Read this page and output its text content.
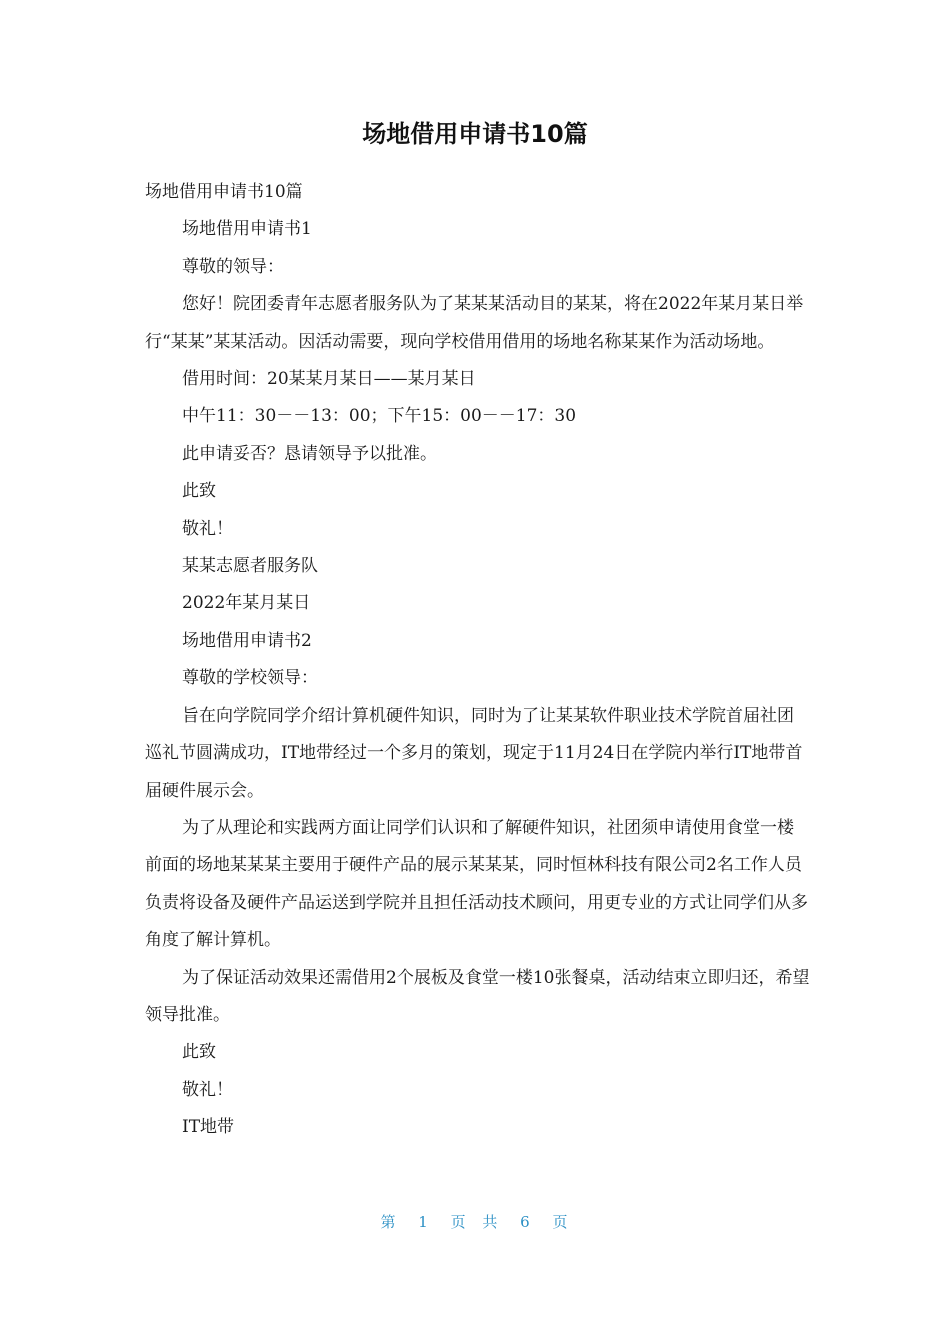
场地借用申请书10篇

场地借用申请书10篇

场地借用申请书1

尊敬的领导：

您好！院团委青年志愿者服务队为了某某某活动目的某某，将在2022年某月某日举行“某某”某某活动。因活动需要，现向学校借用借用的场地名称某某作为活动场地。

借用时间：20某某月某日——某月某日

中午11：30－－13：00；下午15：00－－17：30

此申请妥否？恳请领导予以批准。

此致

敬礼！

某某志愿者服务队

2022年某月某日

场地借用申请书2

尊敬的学校领导：

旨在向学院同学介绍计算机硬件知识，同时为了让某某软件职业技术学院首届社团巡礼节圆满成功，IT地带经过一个多月的策划，现定于11月24日在学院内举行IT地带首届硬件展示会。

为了从理论和实践两方面让同学们认识和了解硬件知识，社团须申请使用食堂一楼前面的场地某某某主要用于硬件产品的展示某某某，同时恒林科技有限公司2名工作人员负责将设备及硬件产品运送到学院并且担任活动技术顾问，用更专业的方式让同学们从多角度了解计算机。

为了保证活动效果还需借用2个展板及食堂一楼10张餐桌，活动结束立即归还，希望领导批准。

此致

敬礼！

IT地带

第 1 页 共 6 页
